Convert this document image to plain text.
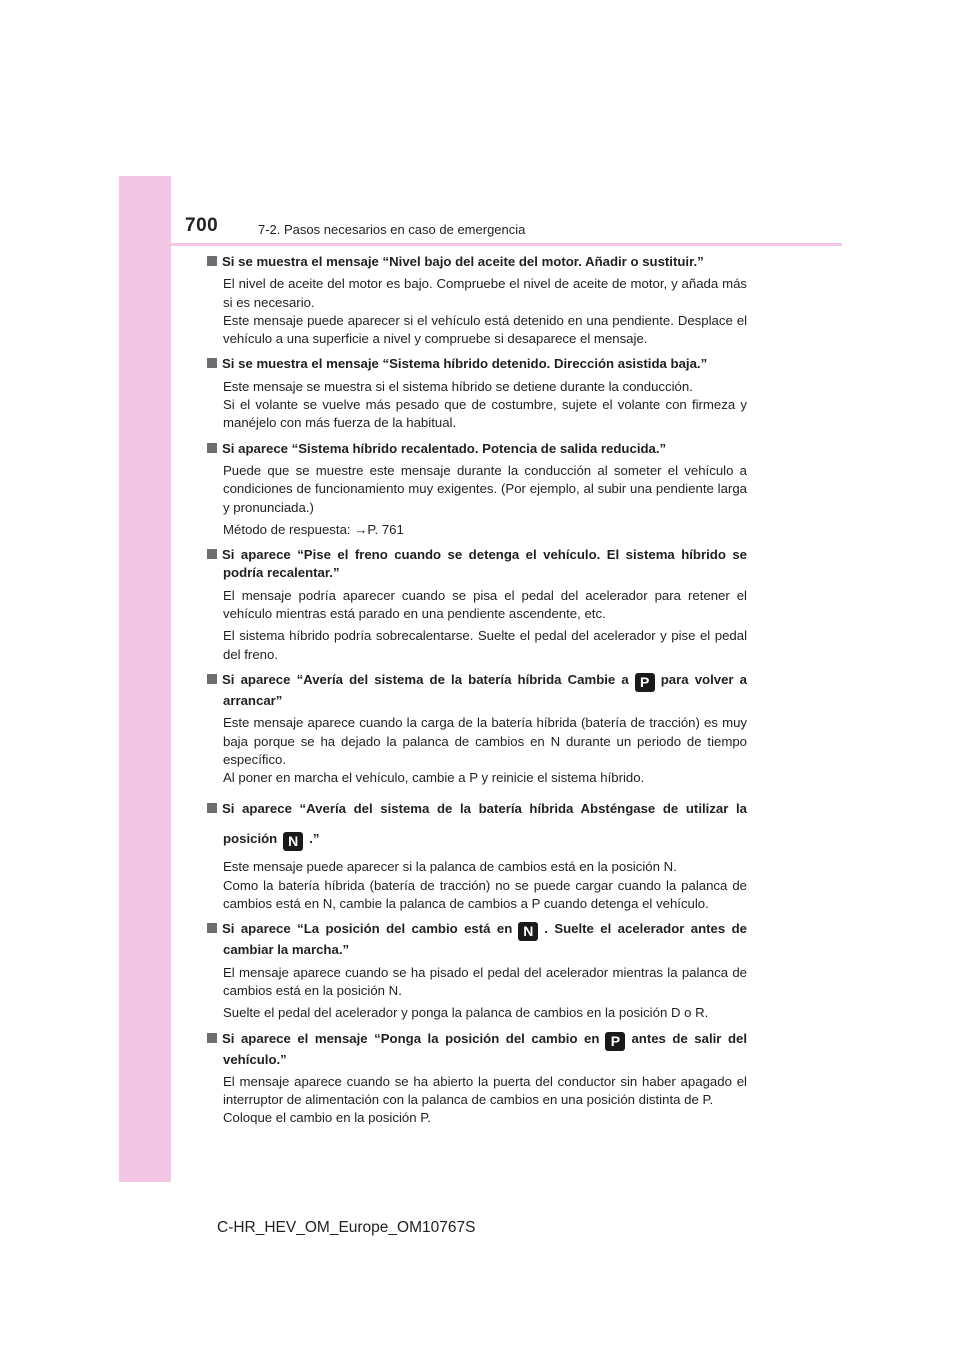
700	7-2. Pasos necesarios en caso de emergencia
Si se muestra el mensaje “Nivel bajo del aceite del motor. Añadir o sustituir.”
El nivel de aceite del motor es bajo. Compruebe el nivel de aceite de motor, y añada más si es necesario.
Este mensaje puede aparecer si el vehículo está detenido en una pendiente. Desplace el vehículo a una superficie a nivel y compruebe si desaparece el mensaje.
Si se muestra el mensaje “Sistema híbrido detenido. Dirección asistida baja.”
Este mensaje se muestra si el sistema híbrido se detiene durante la conducción.
Si el volante se vuelve más pesado que de costumbre, sujete el volante con firmeza y manéjelo con más fuerza de la habitual.
Si aparece “Sistema híbrido recalentado. Potencia de salida reducida.”
Puede que se muestre este mensaje durante la conducción al someter el vehículo a condiciones de funcionamiento muy exigentes. (Por ejemplo, al subir una pendiente larga y pronunciada.)
Método de respuesta: →P. 761
Si aparece “Pise el freno cuando se detenga el vehículo. El sistema híbrido se podría recalentar.”
El mensaje podría aparecer cuando se pisa el pedal del acelerador para retener el vehículo mientras está parado en una pendiente ascendente, etc.
El sistema híbrido podría sobrecalentarse. Suelte el pedal del acelerador y pise el pedal del freno.
Si aparece “Avería del sistema de la batería híbrida Cambie a P para volver a arrancar”
Este mensaje aparece cuando la carga de la batería híbrida (batería de tracción) es muy baja porque se ha dejado la palanca de cambios en N durante un periodo de tiempo específico.
Al poner en marcha el vehículo, cambie a P y reinicie el sistema híbrido.
Si aparece “Avería del sistema de la batería híbrida Absténgase de utilizar la posición N .”
Este mensaje puede aparecer si la palanca de cambios está en la posición N.
Como la batería híbrida (batería de tracción) no se puede cargar cuando la palanca de cambios está en N, cambie la palanca de cambios a P cuando detenga el vehículo.
Si aparece “La posición del cambio está en N . Suelte el acelerador antes de cambiar la marcha.”
El mensaje aparece cuando se ha pisado el pedal del acelerador mientras la palanca de cambios está en la posición N.
Suelte el pedal del acelerador y ponga la palanca de cambios en la posición D o R.
Si aparece el mensaje “Ponga la posición del cambio en P antes de salir del vehículo.”
El mensaje aparece cuando se ha abierto la puerta del conductor sin haber apagado el interruptor de alimentación con la palanca de cambios en una posición distinta de P.
Coloque el cambio en la posición P.
C-HR_HEV_OM_Europe_OM10767S
